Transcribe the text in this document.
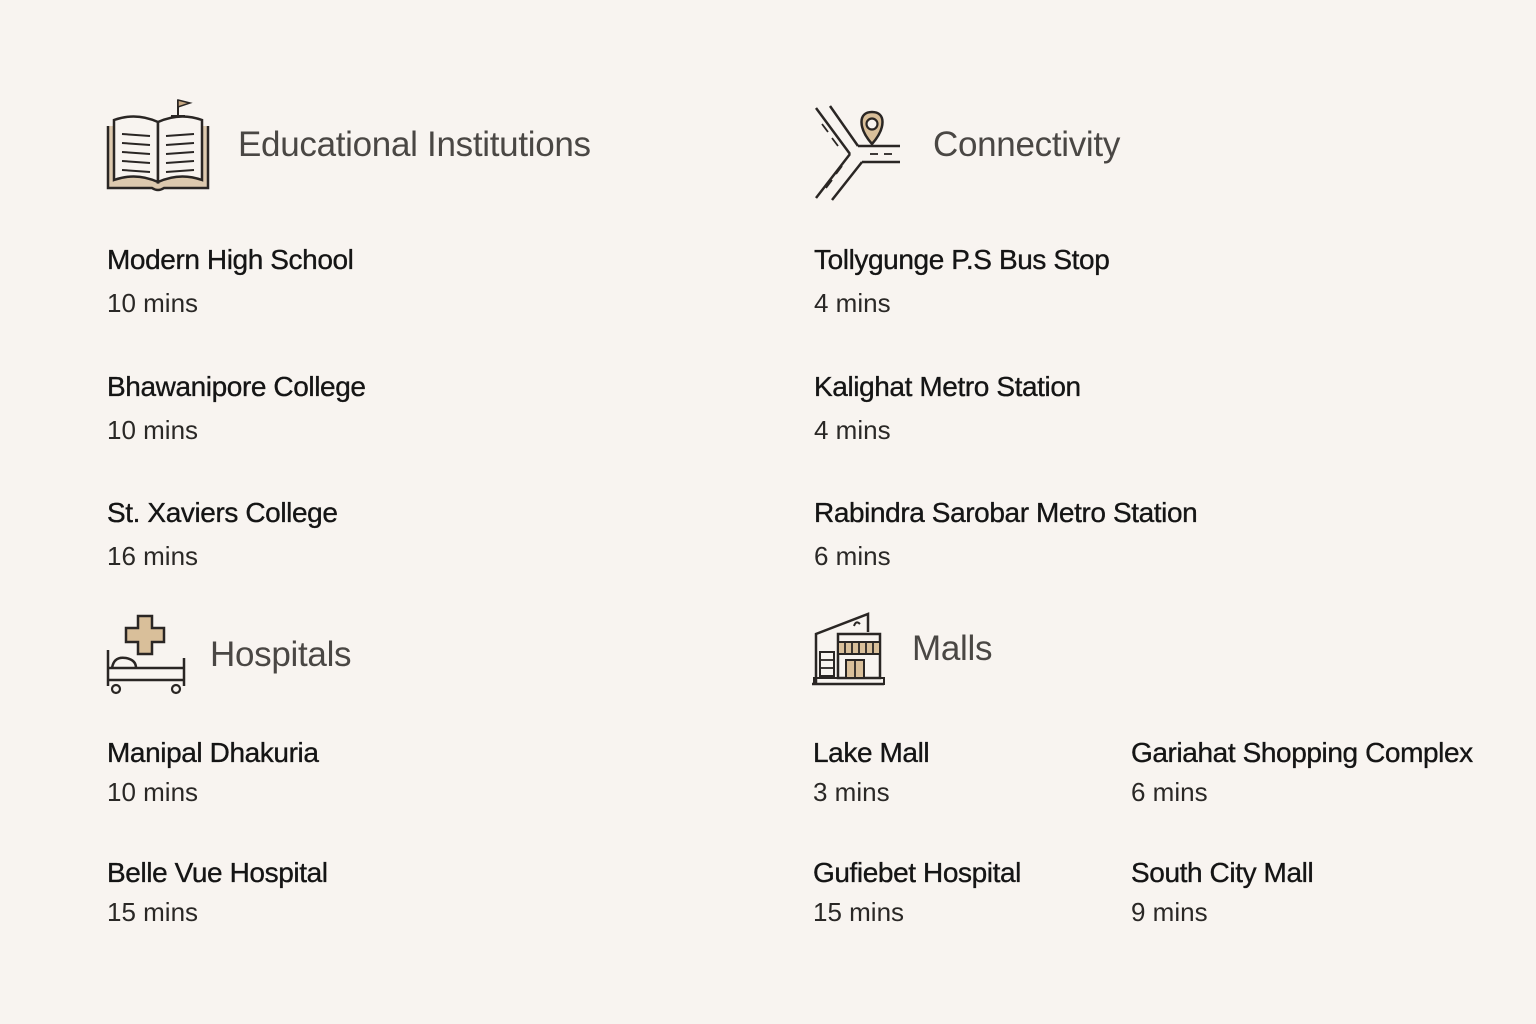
Educational Institutions	Connectivity
Modern High School
10 mins
Bhawanipore College
10 mins
St. Xaviers College
16 mins
Tollygunge P.S Bus Stop
4 mins
Kalighat Metro Station
4 mins
Rabindra Sarobar Metro Station
6 mins
Hospitals	Malls
Manipal Dhakuria
10 mins
Belle Vue Hospital
15 mins
Lake Mall
3 mins
Gariahat Shopping Complex
6 mins
Gufiebet Hospital
15 mins
South City Mall
9 mins
